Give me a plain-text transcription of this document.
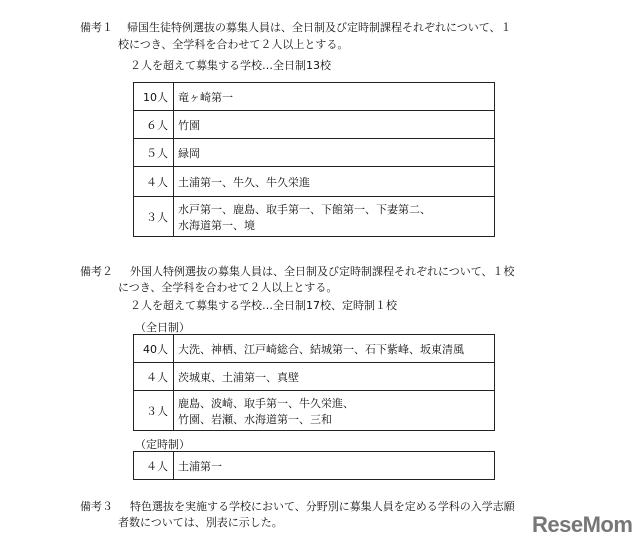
備考１ 帰国生徒特例選抜の募集人員は、全日制及び定時制課程それぞれについて、１
校につき、全学科を合わせて２人以上とする。
２人を超えて募集する学校…全日制13校
10人	竜ヶ崎第一
６人	竹園
５人	緑岡
４人	土浦第一、牛久、牛久栄進
３人	水戸第一、鹿島、取手第一、下館第一、下妻第二、
水海道第一、境
備考２ 外国人特例選抜の募集人員は、全日制及び定時制課程それぞれについて、１校
につき、全学科を合わせて２人以上とする。
２人を超えて募集する学校…全日制17校、定時制１校
（全日制）
40人	大洗、神栖、江戸崎総合、結城第一、石下紫峰、坂東清風
４人	茨城東、土浦第一、真壁
３人	鹿島、波崎、取手第一、牛久栄進、
竹園、岩瀬、水海道第一、三和
（定時制）
４人	土浦第一
備考３ 特色選抜を実施する学校において、分野別に募集人員を定める学科の入学志願
者数については、別表に示した。	ReseMom
